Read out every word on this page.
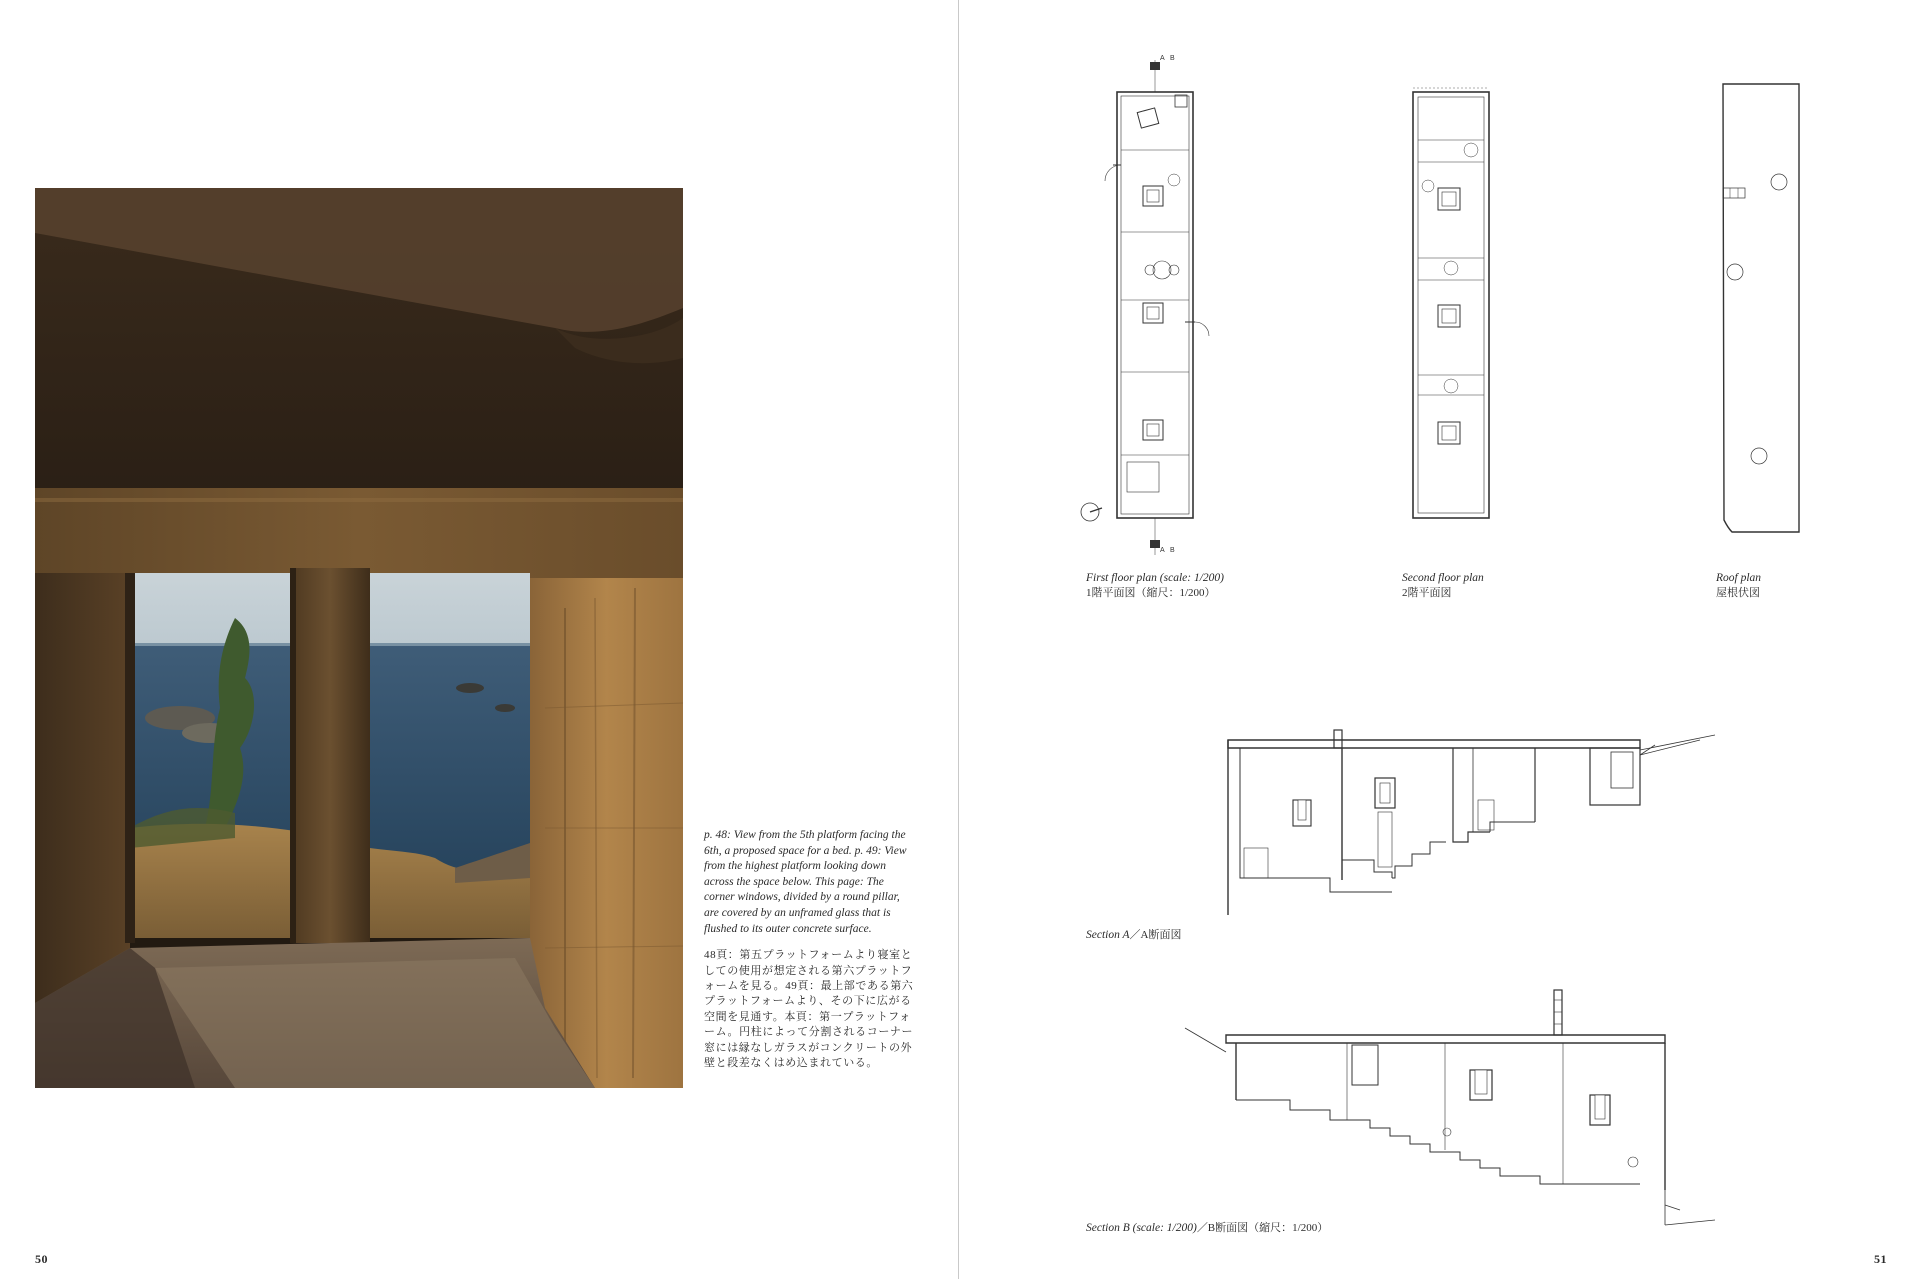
p. 48: View from the 5th platform facing the 6th, a proposed space for a bed. p. 49: View from the highest platform looking down across the space below. This page: The corner windows, divided by a round pillar, are covered by an unframed glass that is flushed to its outer concrete surface.

48頁：第五プラットフォームより寝室としての使用が想定される第六プラットフォームを見る。49頁：最上部である第六プラットフォームより、その下に広がる空間を見通す。本頁：第一プラットフォーム。円柱によって分割されるコーナー窓には縁なしガラスがコンクリートの外壁と段差なくはめ込まれている。

50	51
A B
A B
First floor plan (scale: 1/200)
1階平面図（縮尺：1/200）
Second floor plan
2階平面図
Roof plan
屋根伏図
Section A／A断面図
Section B (scale: 1/200)／B断面図（縮尺：1/200）
